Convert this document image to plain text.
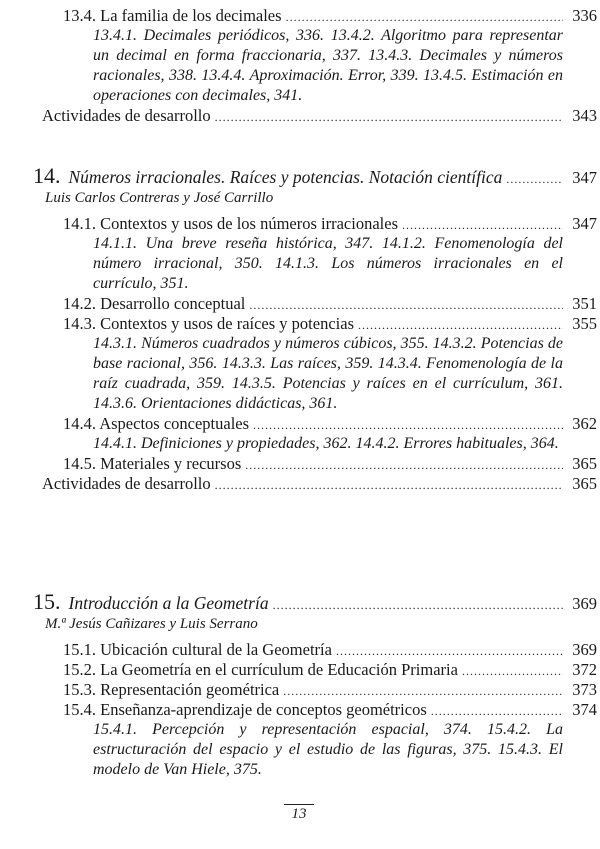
13.4. La familia de los decimales .....	336
13.4.1. Decimales periódicos, 336. 13.4.2. Algoritmo para representar un decimal en forma fraccionaria, 337. 13.4.3. Decimales y números racionales, 338. 13.4.4. Aproximación. Error, 339. 13.4.5. Estimación en operaciones con decimales, 341.
Actividades de desarrollo .....	343
14. Números irracionales. Raíces y potencias. Notación científica .....	347
Luis Carlos Contreras y José Carrillo
14.1. Contextos y usos de los números irracionales .....	347
14.1.1. Una breve reseña histórica, 347. 14.1.2. Fenomenología del número irracional, 350. 14.1.3. Los números irracionales en el currículo, 351.
14.2. Desarrollo conceptual .....	351
14.3. Contextos y usos de raíces y potencias .....	355
14.3.1. Números cuadrados y números cúbicos, 355. 14.3.2. Potencias de base racional, 356. 14.3.3. Las raíces, 359. 14.3.4. Fenomenología de la raíz cuadrada, 359. 14.3.5. Potencias y raíces en el currículum, 361. 14.3.6. Orientaciones didácticas, 361.
14.4. Aspectos conceptuales .....	362
14.4.1. Definiciones y propiedades, 362. 14.4.2. Errores habituales, 364.
14.5. Materiales y recursos .....	365
Actividades de desarrollo .....	365
15. Introducción a la Geometría .....	369
M.ª Jesús Cañizares y Luis Serrano
15.1. Ubicación cultural de la Geometría .....	369
15.2. La Geometría en el currículum de Educación Primaria .....	372
15.3. Representación geométrica .....	373
15.4. Enseñanza-aprendizaje de conceptos geométricos .....	374
15.4.1. Percepción y representación espacial, 374. 15.4.2. La estructuración del espacio y el estudio de las figuras, 375. 15.4.3. El modelo de Van Hiele, 375.
13
